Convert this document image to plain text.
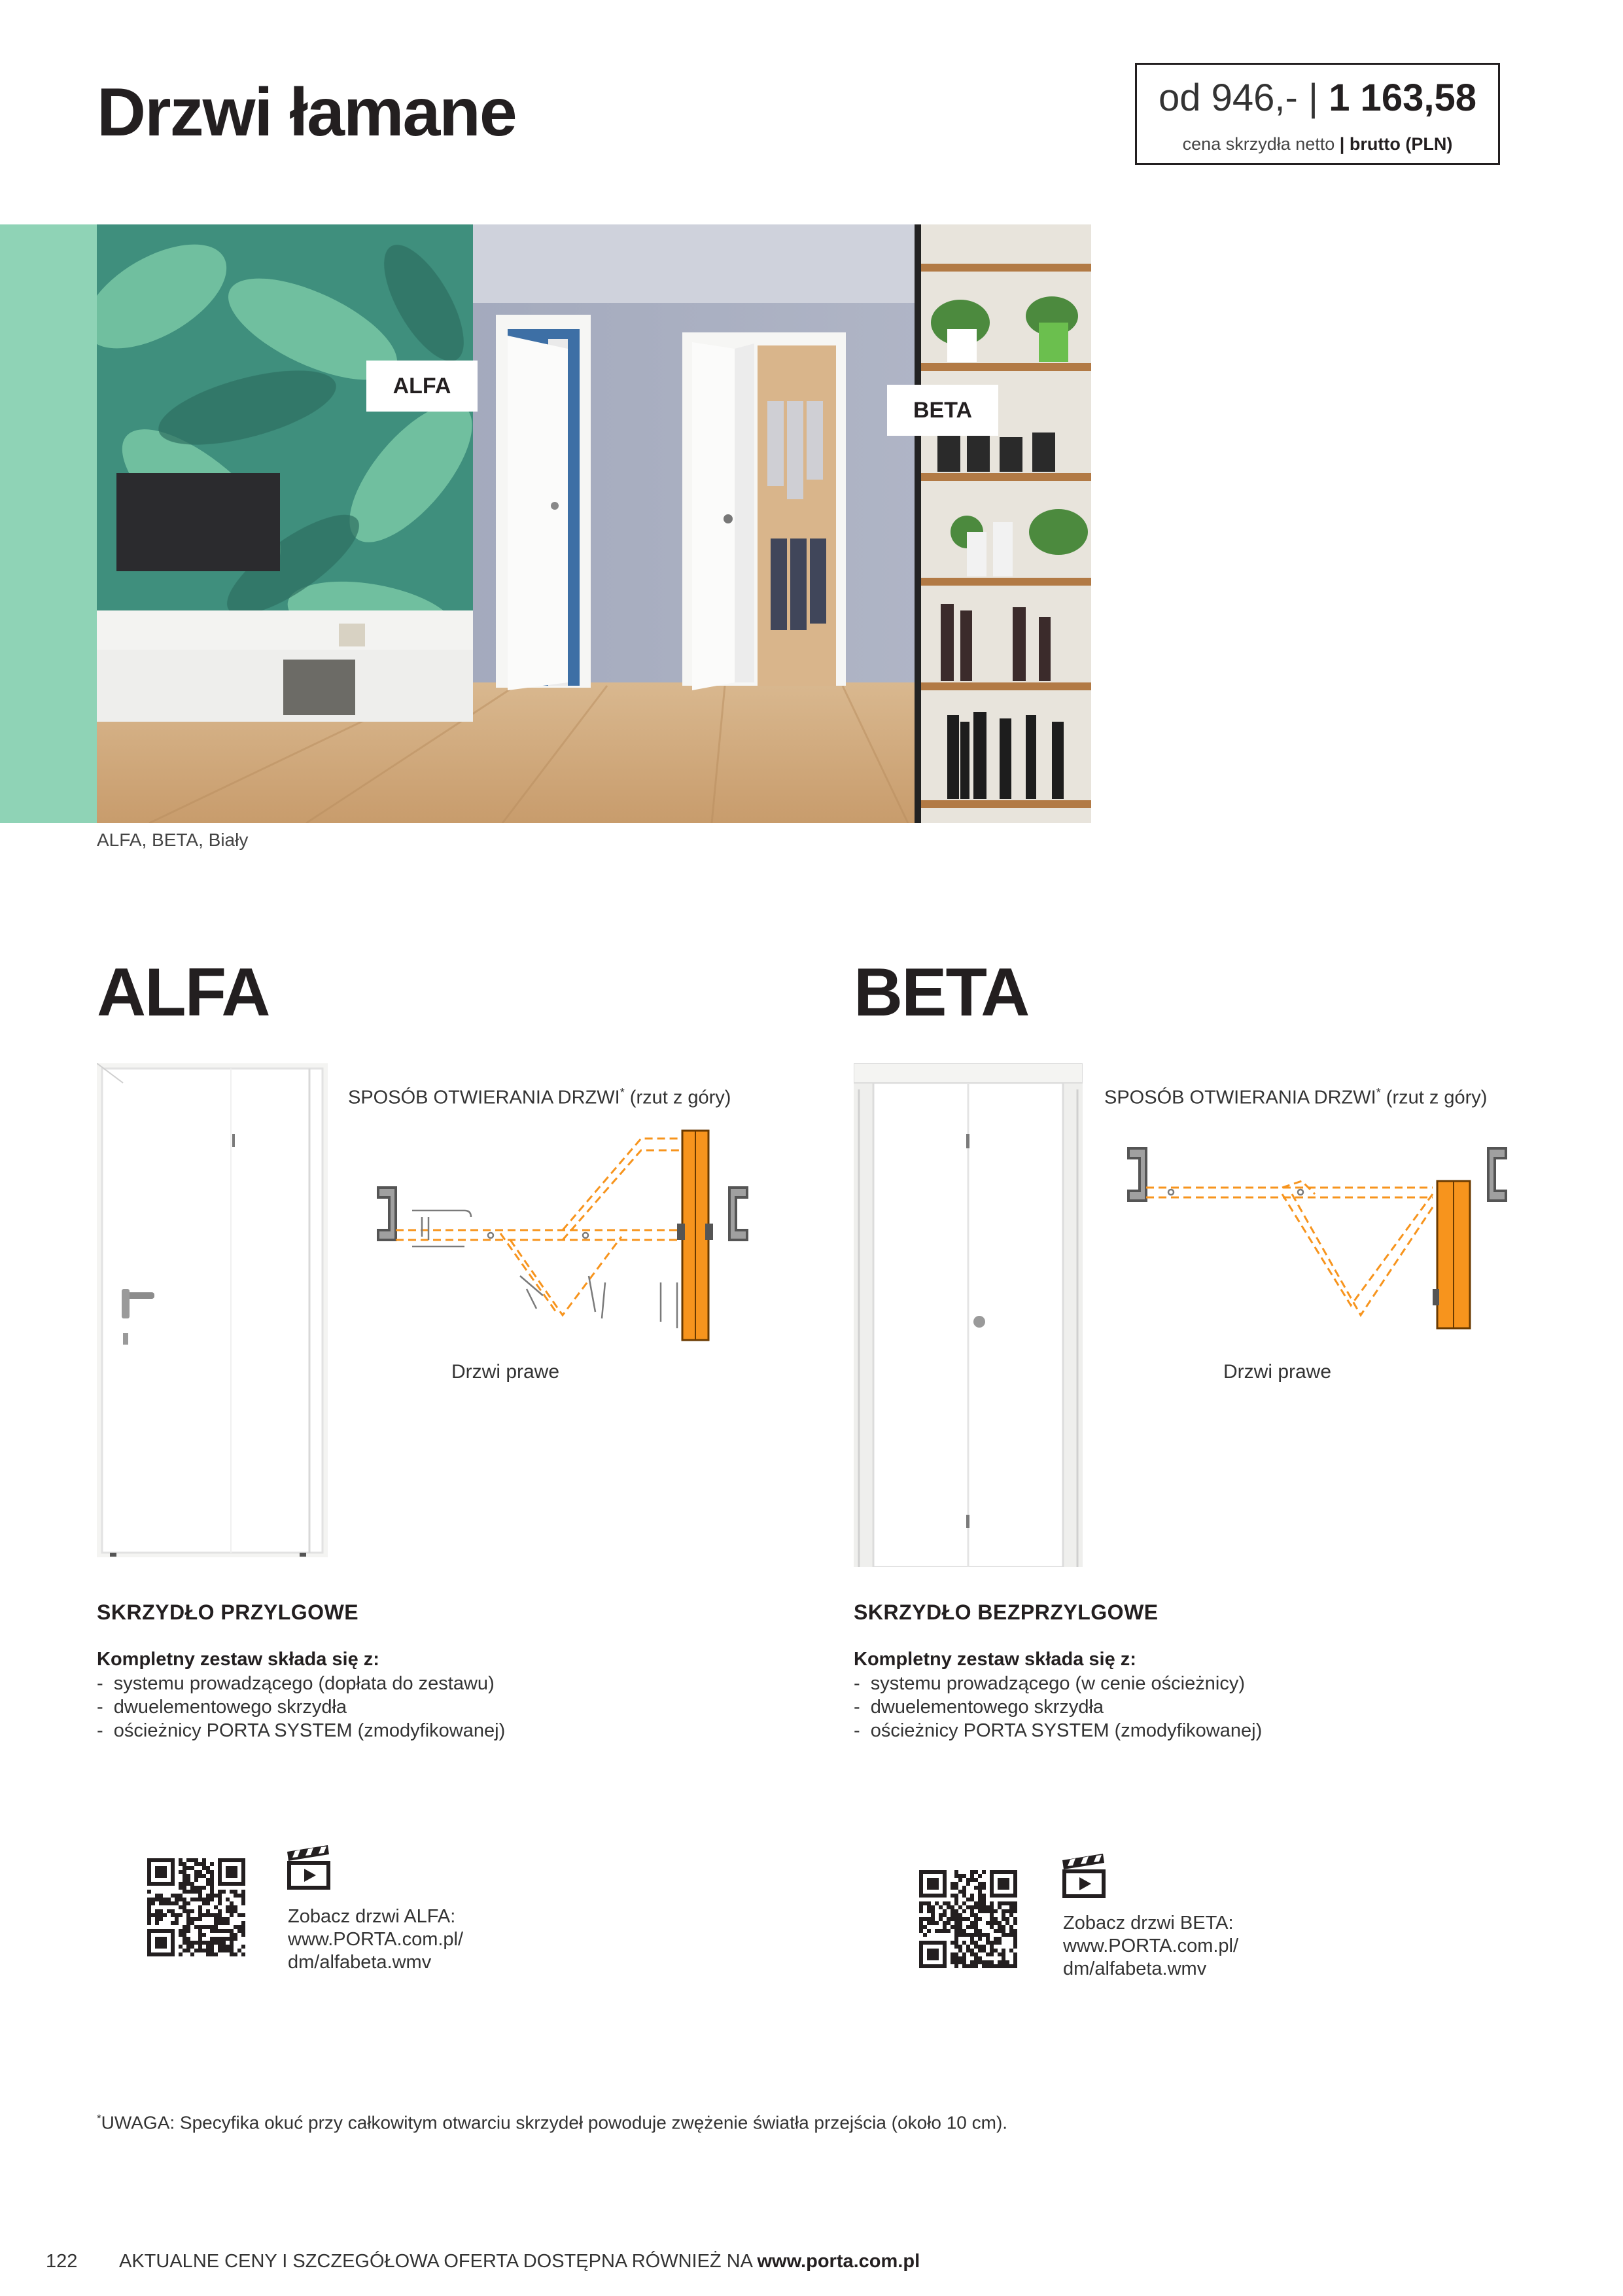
Drzwi łamane	od 946,- | 1 163,58
cena skrzydła netto | brutto (PLN)
ALFA
BETA
ALFA, BETA, Biały
ALFA
SPOSÓB OTWIERANIA DRZWI* (rzut z góry)
Drzwi prawe
SKRZYDŁO PRZYLGOWE
Kompletny zestaw składa się z:
- systemu prowadzącego (dopłata do zestawu)
- dwuelementowego skrzydła
- ościeżnicy PORTA SYSTEM (zmodyfikowanej)
Zobacz drzwi ALFA:
www.PORTA.com.pl/
dm/alfabeta.wmv
BETA
SPOSÓB OTWIERANIA DRZWI* (rzut z góry)
Drzwi prawe
SKRZYDŁO BEZPRZYLGOWE
Kompletny zestaw składa się z:
- systemu prowadzącego (w cenie ościeżnicy)
- dwuelementowego skrzydła
- ościeżnicy PORTA SYSTEM (zmodyfikowanej)
Zobacz drzwi BETA:
www.PORTA.com.pl/
dm/alfabeta.wmv
*UWAGA: Specyfika okuć przy całkowitym otwarciu skrzydeł powoduje zwężenie światła przejścia (około 10 cm).
122 AKTUALNE CENY I SZCZEGÓŁOWA OFERTA DOSTĘPNA RÓWNIEŻ NA www.porta.com.pl
